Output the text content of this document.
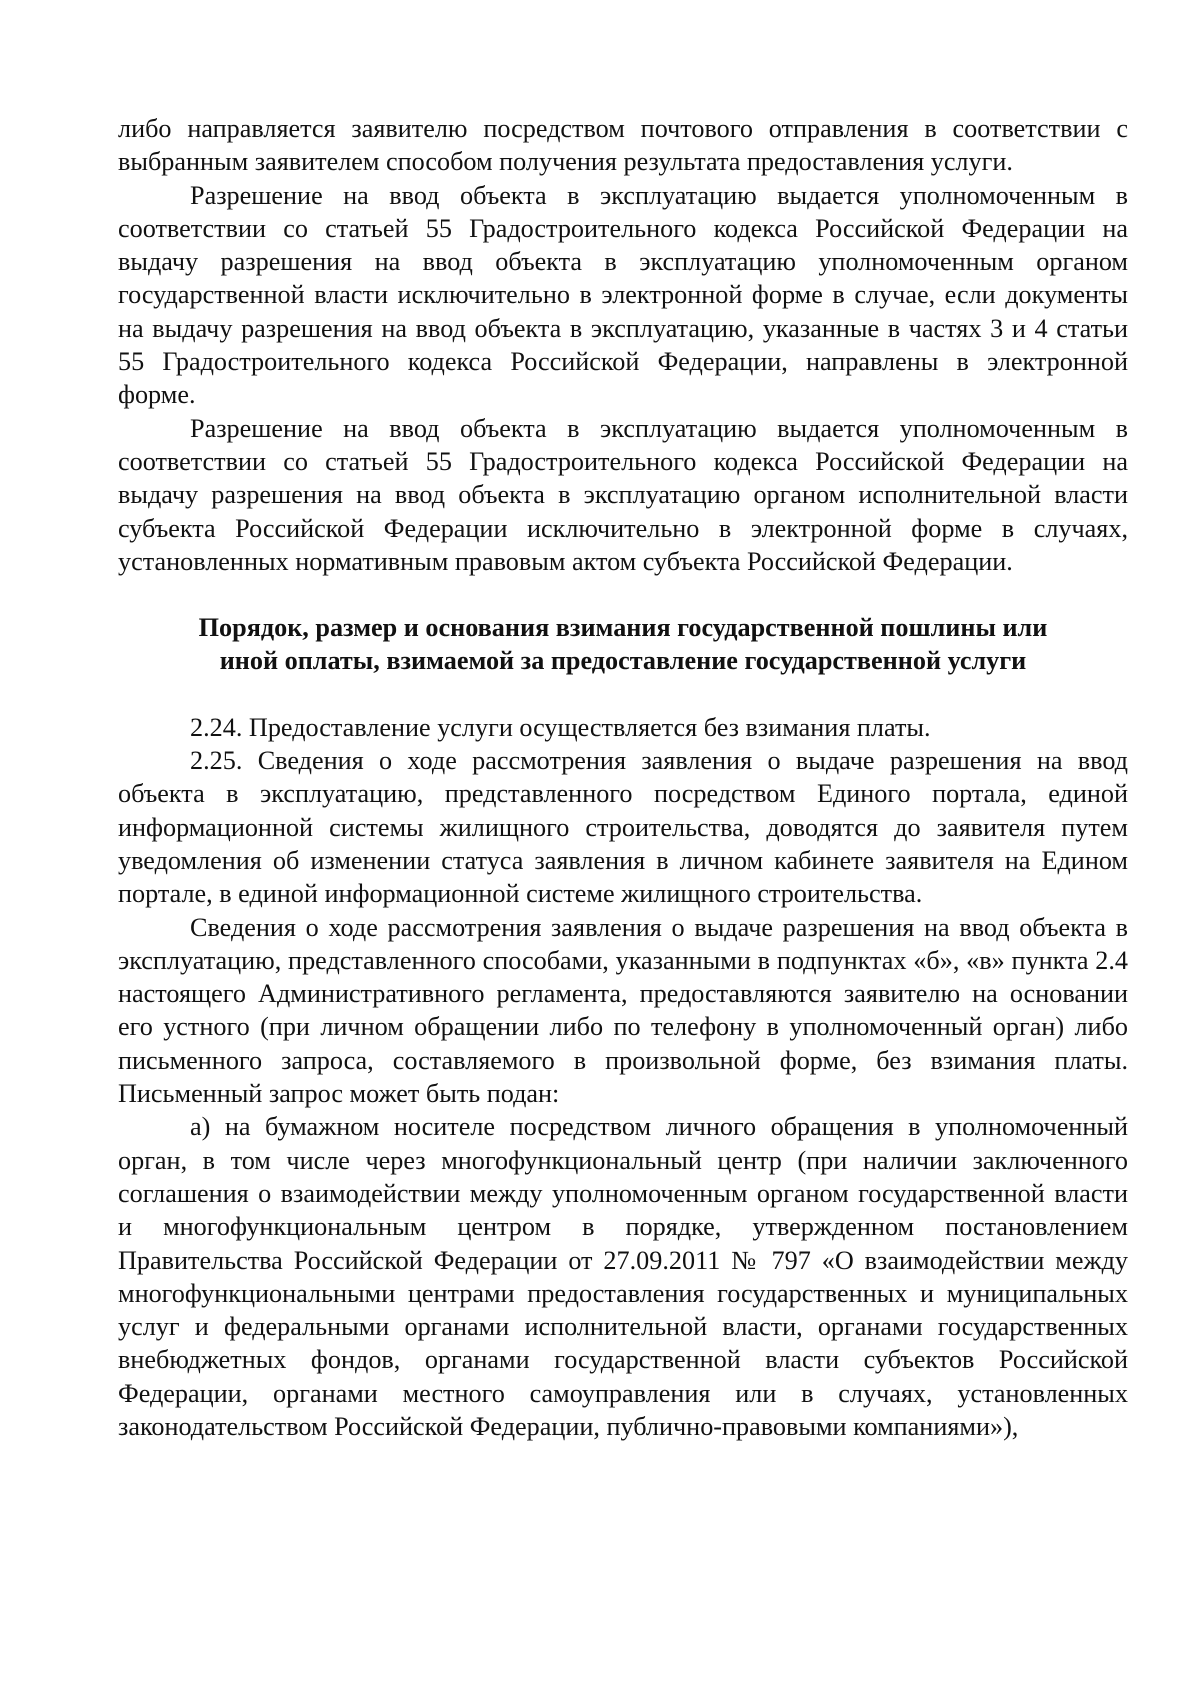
либо направляется заявителю посредством почтового отправления в соответствии с выбранным заявителем способом получения результата предоставления услуги.

Разрешение на ввод объекта в эксплуатацию выдается уполномоченным в соответствии со статьей 55 Градостроительного кодекса Российской Федерации на выдачу разрешения на ввод объекта в эксплуатацию уполномоченным органом государственной власти исключительно в электронной форме в случае, если документы на выдачу разрешения на ввод объекта в эксплуатацию, указанные в частях 3 и 4 статьи 55 Градостроительного кодекса Российской Федерации, направлены в электронной форме.

Разрешение на ввод объекта в эксплуатацию выдается уполномоченным в соответствии со статьей 55 Градостроительного кодекса Российской Федерации на выдачу разрешения на ввод объекта в эксплуатацию органом исполнительной власти субъекта Российской Федерации исключительно в электронной форме в случаях, установленных нормативным правовым актом субъекта Российской Федерации.

Порядок, размер и основания взимания государственной пошлины или
иной оплаты, взимаемой за предоставление государственной услуги

2.24. Предоставление услуги осуществляется без взимания платы.

2.25. Сведения о ходе рассмотрения заявления о выдаче разрешения на ввод объекта в эксплуатацию, представленного посредством Единого портала, единой информационной системы жилищного строительства, доводятся до заявителя путем уведомления об изменении статуса заявления в личном кабинете заявителя на Едином портале, в единой информационной системе жилищного строительства.

Сведения о ходе рассмотрения заявления о выдаче разрешения на ввод объекта в эксплуатацию, представленного способами, указанными в подпунктах «б», «в» пункта 2.4 настоящего Административного регламента, предоставляются заявителю на основании его устного (при личном обращении либо по телефону в уполномоченный орган) либо письменного запроса, составляемого в произвольной форме, без взимания платы. Письменный запрос может быть подан:

а) на бумажном носителе посредством личного обращения в уполномоченный орган, в том числе через многофункциональный центр (при наличии заключенного соглашения о взаимодействии между уполномоченным органом государственной власти и многофункциональным центром в порядке, утвержденном постановлением Правительства Российской Федерации от 27.09.2011 № 797 «О взаимодействии между многофункциональными центрами предоставления государственных и муниципальных услуг и федеральными органами исполнительной власти, органами государственных внебюджетных фондов, органами государственной власти субъектов Российской Федерации, органами местного самоуправления или в случаях, установленных законодательством Российской Федерации, публично-правовыми компаниями»),
